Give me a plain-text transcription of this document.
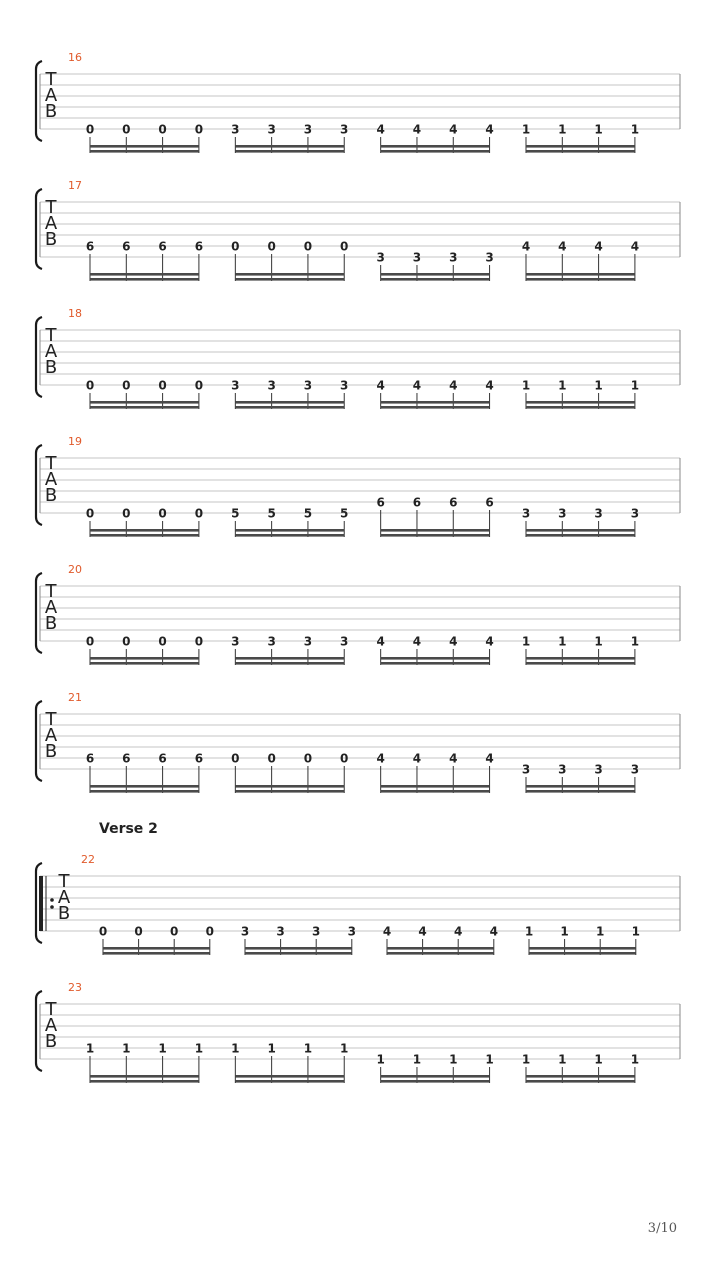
T
A
B
16
0 0 0 0 3 3 3 3 4 4 4 4 1 1 1 1
T
A
B
17
6 6 6 6 0 0 0 0
3 3 3 3
4 4 4 4
T
A
B
18
0 0 0 0 3 3 3 3 4 4 4 4 1 1 1 1
T
A
B
19
0 0 0 0 5 5 5 5
6 6 6 6
3 3 3 3
T
A
B
20
0 0 0 0 3 3 3 3 4 4 4 4 1 1 1 1
T
A
B
21
6 6 6 6 0 0 0 0 4 4 4 4
3 3 3 3
T
A
B
22
0 0 0 0 3 3 3 3 4 4 4 4 1 1 1 1
T
A
B
23
1 1 1 1 1 1 1 1
1 1 1 1 1 1 1 1
Verse 2
3/10
